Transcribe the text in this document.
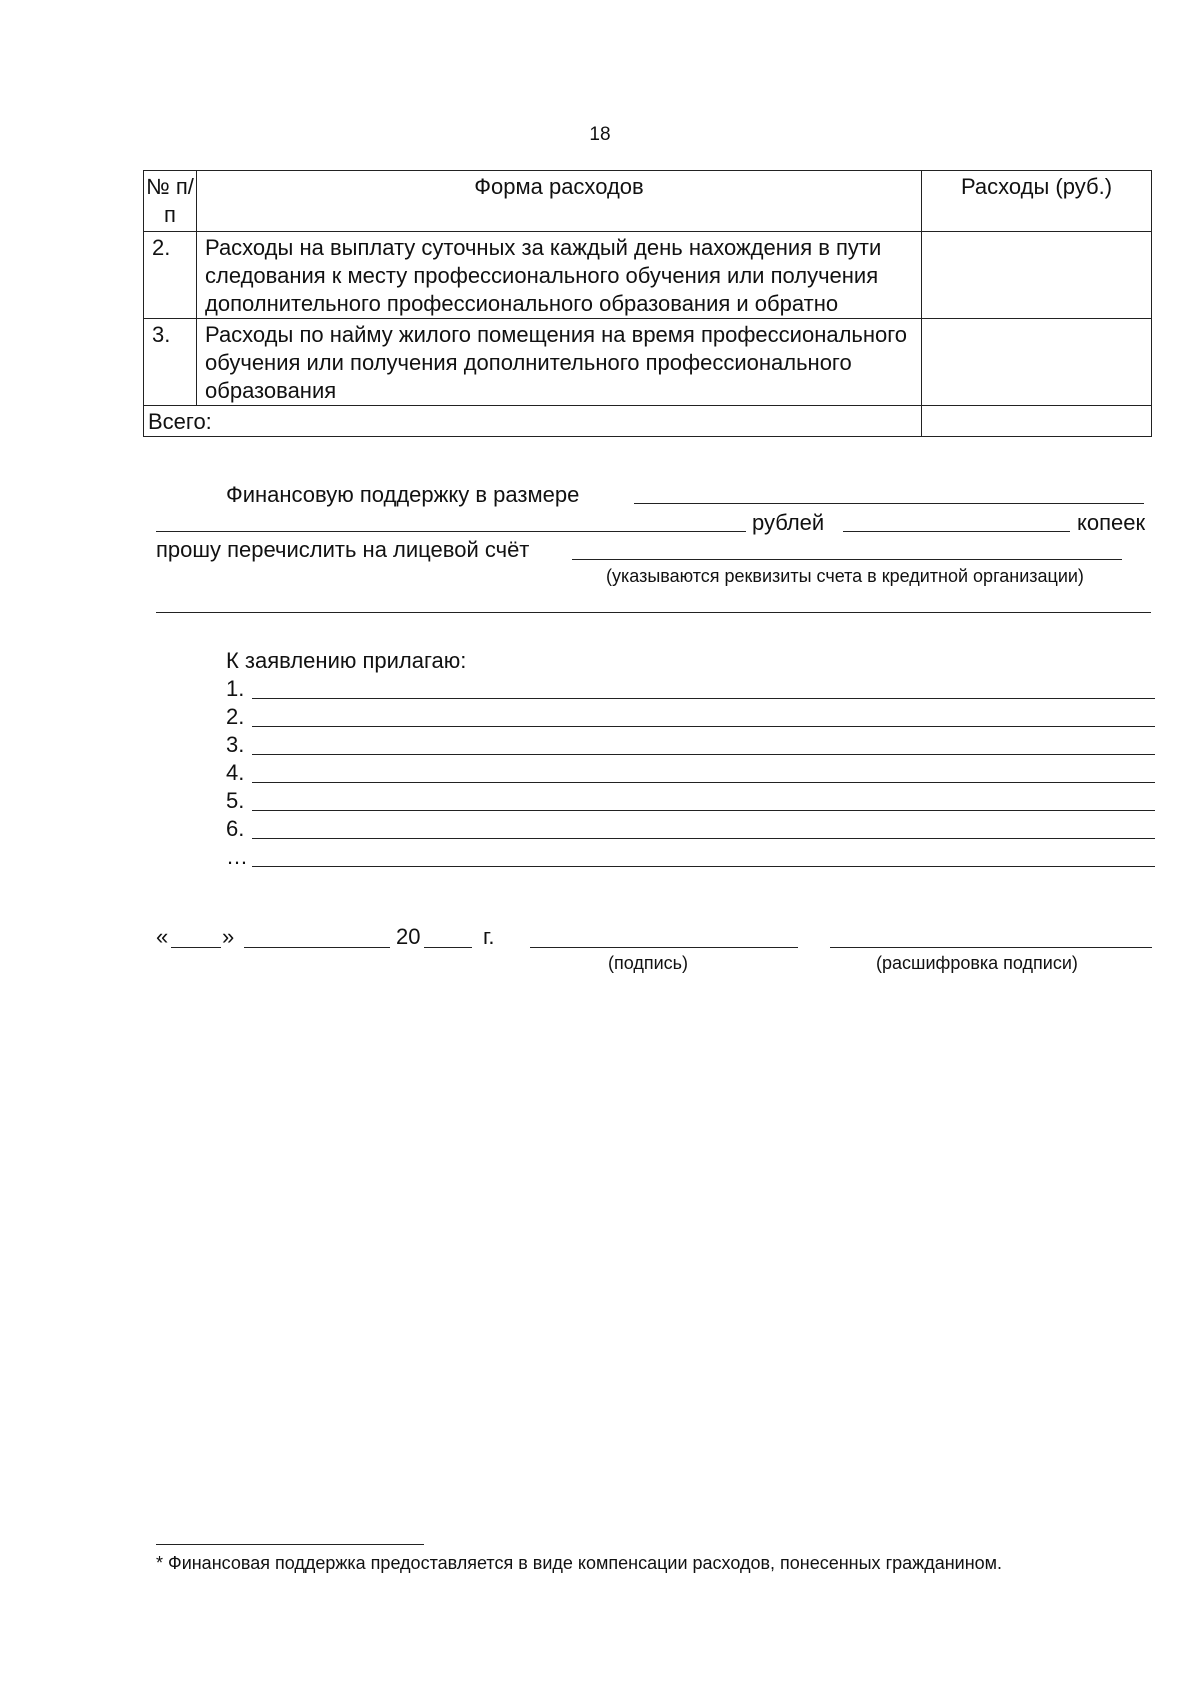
18
№ п/п	Форма расходов	Расходы (руб.)
2.	Расходы на выплату суточных за каждый день нахождения в пути следования к месту профессионального обучения или получения дополнительного профессионального образования и обратно	
3.	Расходы по найму жилого помещения на время профессионального обучения или получения дополнительного профессионального образования	
Всего:		
Финансовую поддержку в размере
рублей	копеек
прошу перечислить на лицевой счёт
(указываются реквизиты счета в кредитной организации)
К заявлению прилагаю:
1.
2.
3.
4.
5.
6.
…
« »	20	г.
(подпись)	(расшифровка подписи)
* Финансовая поддержка предоставляется в виде компенсации расходов, понесенных гражданином.
